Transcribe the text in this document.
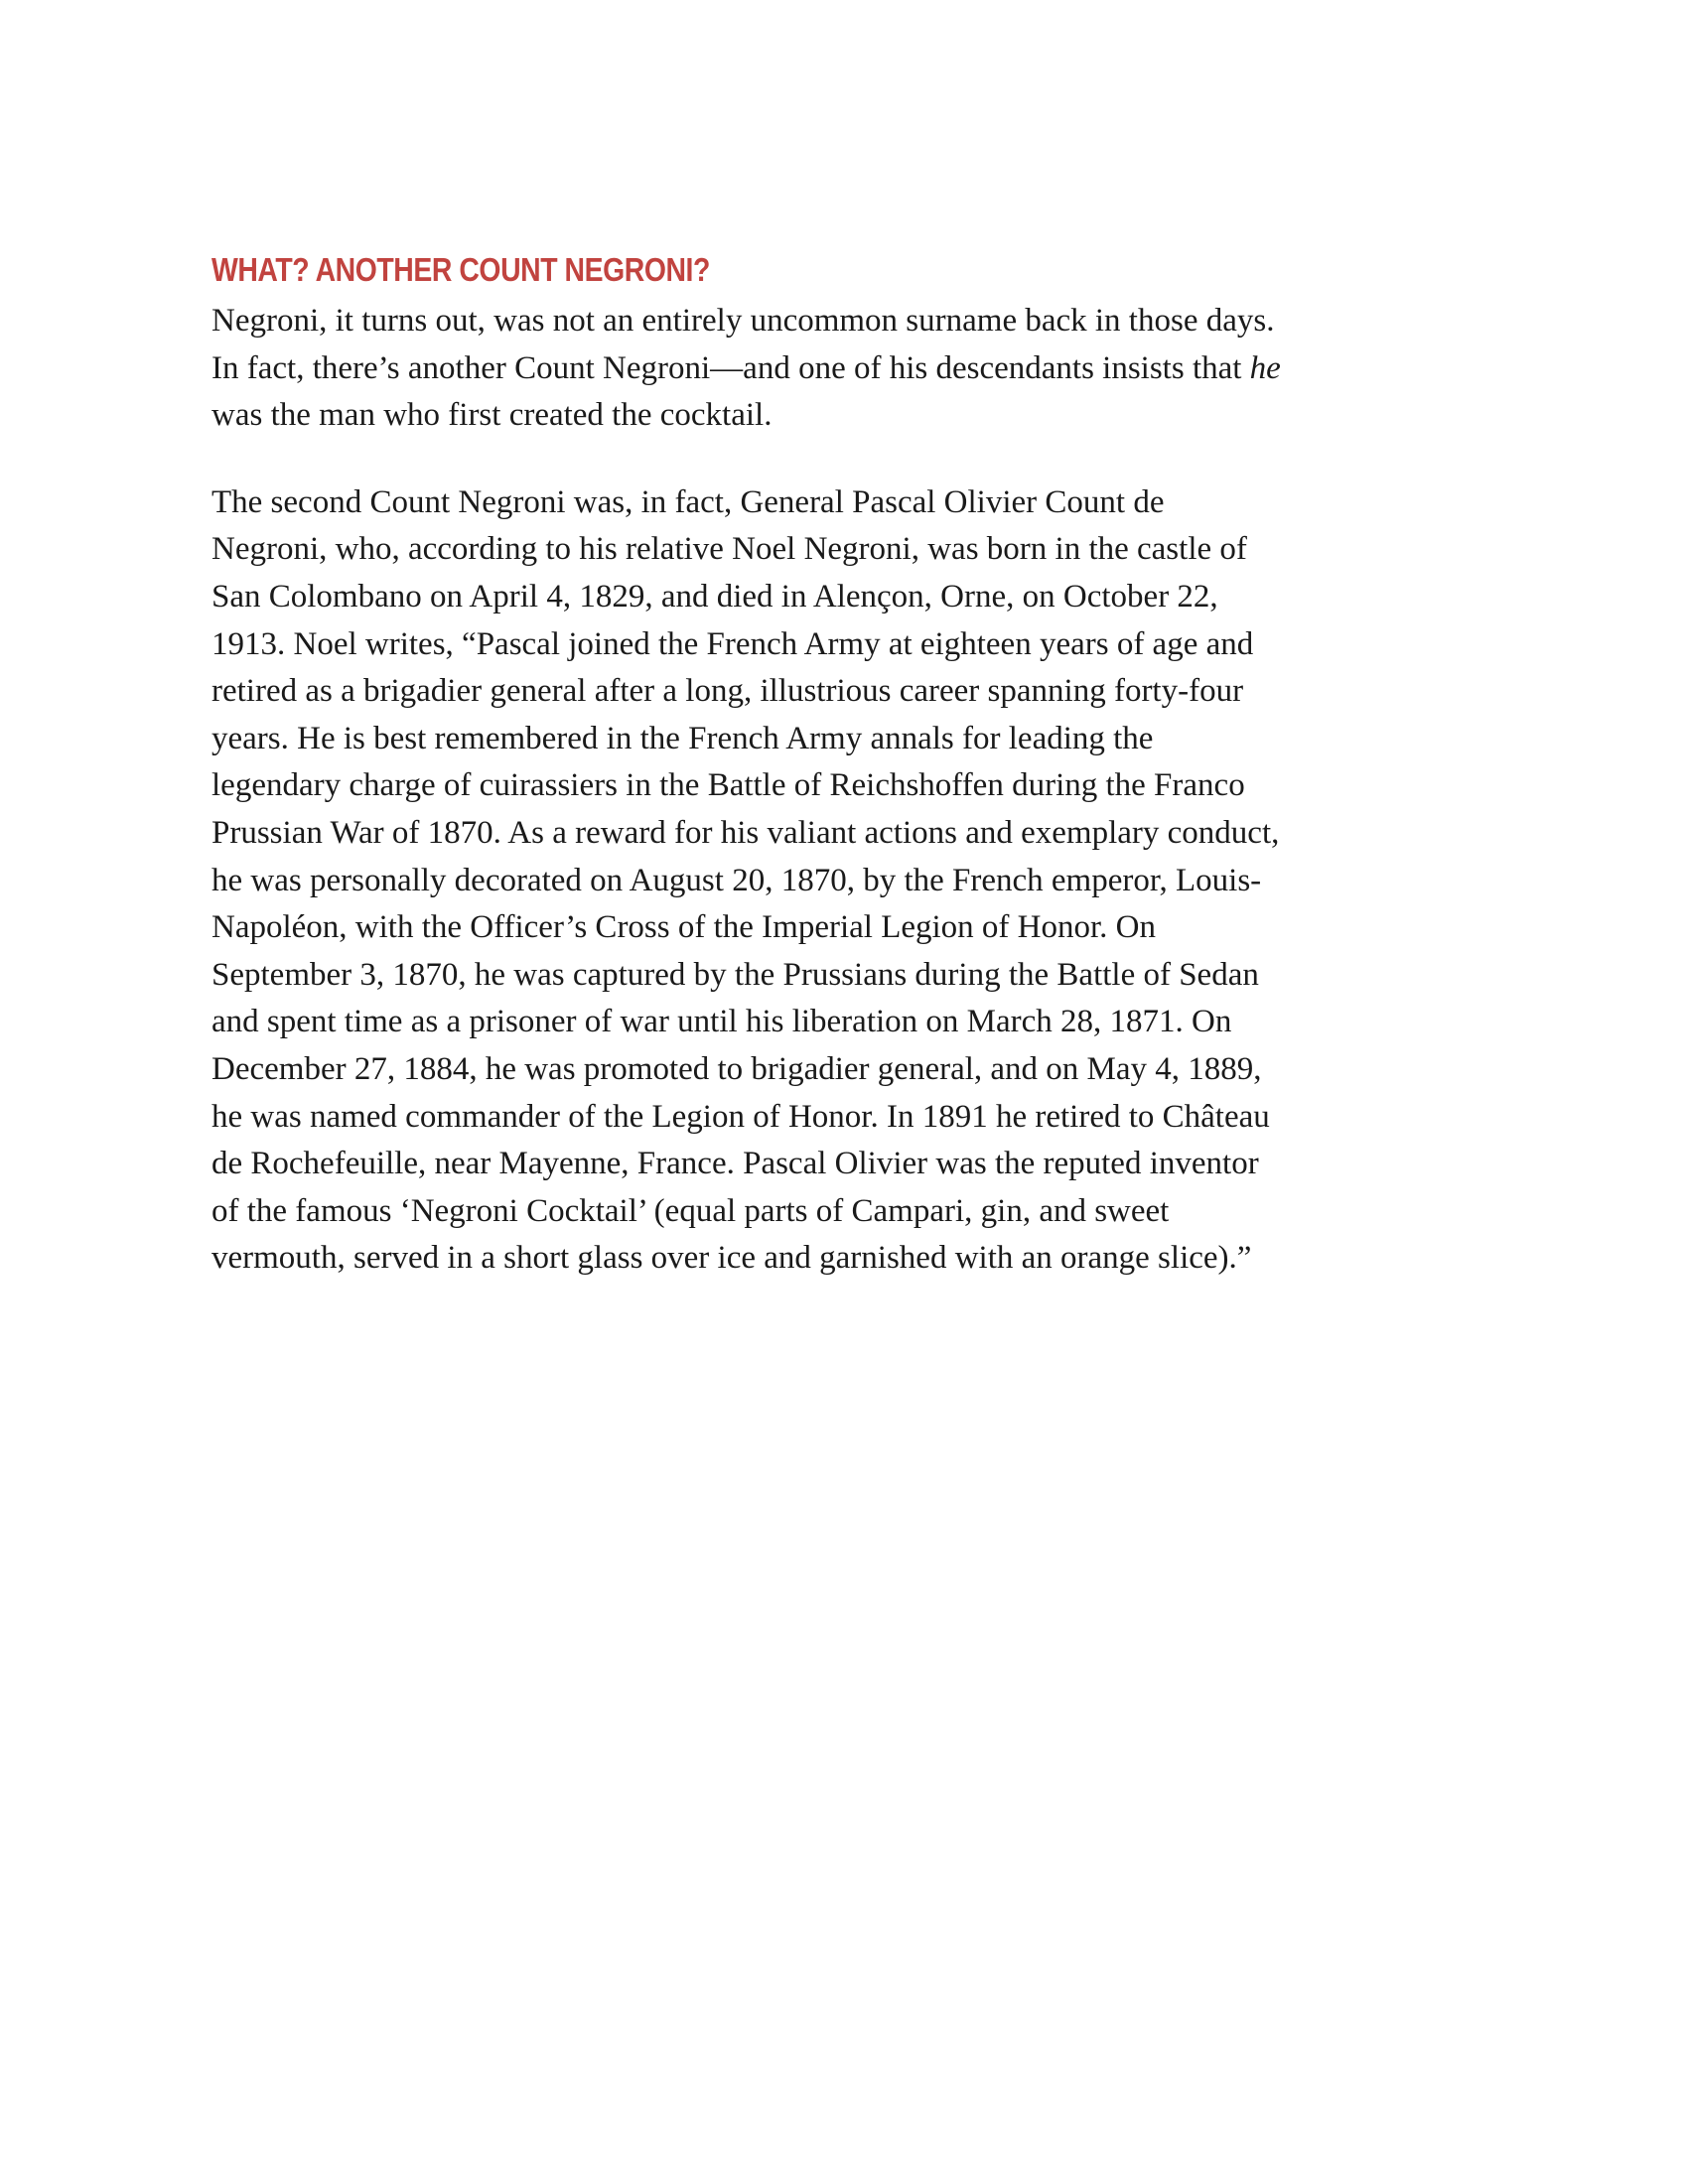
WHAT? ANOTHER COUNT NEGRONI?

Negroni, it turns out, was not an entirely uncommon surname back in those days.
In fact, there’s another Count Negroni—and one of his descendants insists that he
was the man who first created the cocktail.

The second Count Negroni was, in fact, General Pascal Olivier Count de
Negroni, who, according to his relative Noel Negroni, was born in the castle of
San Colombano on April 4, 1829, and died in Alençon, Orne, on October 22,
1913. Noel writes, “Pascal joined the French Army at eighteen years of age and
retired as a brigadier general after a long, illustrious career spanning forty-four
years. He is best remembered in the French Army annals for leading the
legendary charge of cuirassiers in the Battle of Reichshoffen during the Franco
Prussian War of 1870. As a reward for his valiant actions and exemplary conduct,
he was personally decorated on August 20, 1870, by the French emperor, Louis-
Napoléon, with the Officer’s Cross of the Imperial Legion of Honor. On
September 3, 1870, he was captured by the Prussians during the Battle of Sedan
and spent time as a prisoner of war until his liberation on March 28, 1871. On
December 27, 1884, he was promoted to brigadier general, and on May 4, 1889,
he was named commander of the Legion of Honor. In 1891 he retired to Château
de Rochefeuille, near Mayenne, France. Pascal Olivier was the reputed inventor
of the famous ‘Negroni Cocktail’ (equal parts of Campari, gin, and sweet
vermouth, served in a short glass over ice and garnished with an orange slice).”
